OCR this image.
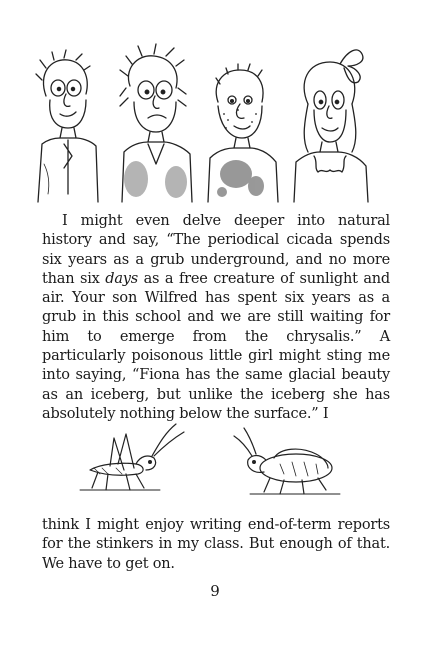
I might even delve deeper into natural history and say, “The periodical cicada spends six years as a grub underground, and no more than six days as a free creature of sunlight and air. Your son Wilfred has spent six years as a grub in this school and we are still waiting for him to emerge from the chrysalis.” A particularly poisonous little girl might sting me into saying, “Fiona has the same glacial beauty as an iceberg, but unlike the iceberg she has absolutely nothing below the surface.” I

think I might enjoy writing end-of-term reports for the stinkers in my class. But enough of that. We have to get on.

9
